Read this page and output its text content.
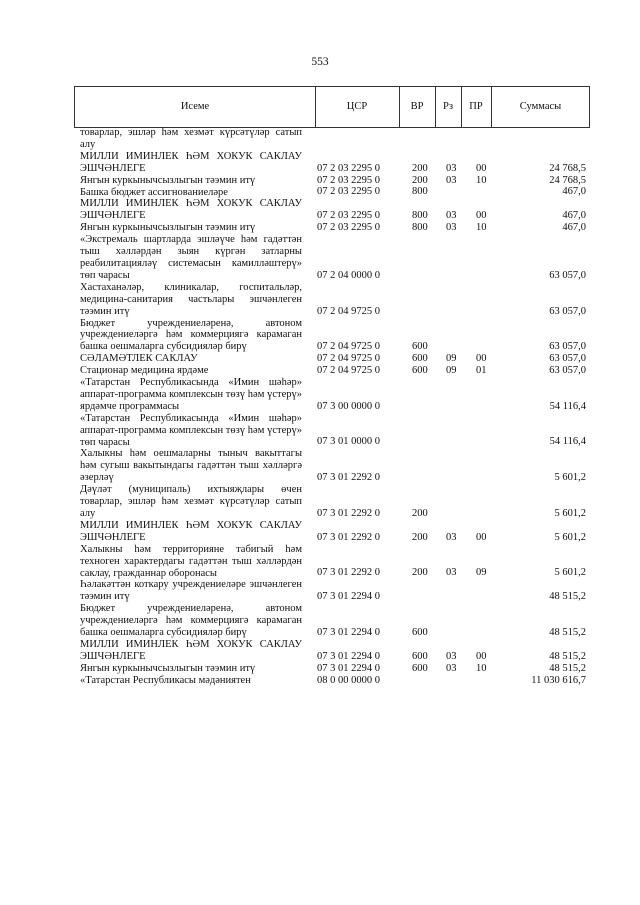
553
Исеме	ЦСР	ВР	Рз	ПР	Суммасы
товарлар, эшләр һәм хезмәт күрсәтүләр сатып алу
МИЛЛИ ИМИНЛЕК ҺӘМ ХОКУК САКЛАУ ЭШЧӘНЛЕГЕ	07 2 03 2295 0	200 03 00	24 768,5
Янгын куркынычсызлыгын тәэмин итү	07 2 03 2295 0	200 03 10	24 768,5
Башка бюджет ассигнованиеләре	07 2 03 2295 0	800	467,0
МИЛЛИ ИМИНЛЕК ҺӘМ ХОКУК САКЛАУ ЭШЧӘНЛЕГЕ	07 2 03 2295 0	800 03 00	467,0
Янгын куркынычсызлыгын тәэмин итү	07 2 03 2295 0	800 03 10	467,0
«Экстремаль шартларда эшләүче һәм гадәттән тыш хәлләрдән зыян күргән затларны реабилитацияләү системасын камилләштерү» төп чарасы	07 2 04 0000 0	63 057,0
Хастаханәләр, клиникалар, госпитальләр, медицина-санитария частьлары эшчәнлеген тәэмин итү	07 2 04 9725 0	63 057,0
Бюджет учреждениеләренә, автоном учреждениеләргә һәм коммерциягә карамаган башка оешмаларга субсидияләр бирү	07 2 04 9725 0	600	63 057,0
СӘЛАМӘТЛЕК САКЛАУ	07 2 04 9725 0	600 09 00	63 057,0
Стационар медицина ярдәме	07 2 04 9725 0	600 09 01	63 057,0
«Татарстан Республикасында «Имин шәһәр» аппарат-программа комплексын төзү һәм үстерү» ярдәмче программасы	07 3 00 0000 0	54 116,4
«Татарстан Республикасында «Имин шәһәр» аппарат-программа комплексын төзү һәм үстерү» төп чарасы	07 3 01 0000 0	54 116,4
Халыкны һәм оешмаларны тыныч вакыттагы һәм сугыш вакытындагы гадәттән тыш хәлләргә әзерләү	07 3 01 2292 0	5 601,2
Дәүләт (муниципаль) ихтыяҗлары өчен товарлар, эшләр һәм хезмәт күрсәтүләр сатып алу	07 3 01 2292 0	200	5 601,2
МИЛЛИ ИМИНЛЕК ҺӘМ ХОКУК САКЛАУ ЭШЧӘНЛЕГЕ	07 3 01 2292 0	200 03 00	5 601,2
Халыкны һәм территорияне табигый һәм техноген характердагы гадәттән тыш хәлләрдән саклау, гражданнар оборонасы	07 3 01 2292 0	200 03 09	5 601,2
Һәлакәттән коткару учреждениеләре эшчәнлеген тәэмин итү	07 3 01 2294 0	48 515,2
Бюджет учреждениеләренә, автоном учреждениеләргә һәм коммерциягә карамаган башка оешмаларга субсидияләр бирү	07 3 01 2294 0	600	48 515,2
МИЛЛИ ИМИНЛЕК ҺӘМ ХОКУК САКЛАУ ЭШЧӘНЛЕГЕ	07 3 01 2294 0	600 03 00	48 515,2
Янгын куркынычсызлыгын тәэмин итү	07 3 01 2294 0	600 03 10	48 515,2
«Татарстан Республикасы мәдәниятен	08 0 00 0000 0	11 030 616,7
